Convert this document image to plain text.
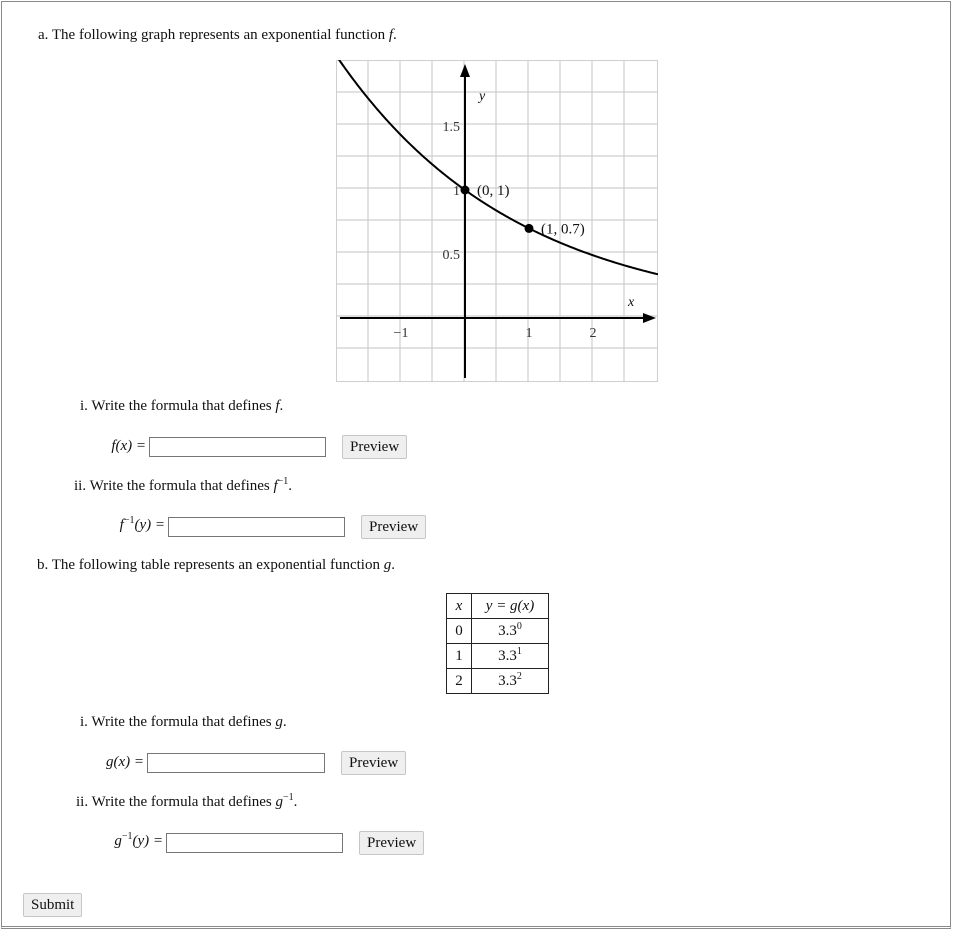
a. The following graph represents an exponential function f.
1.5
1
0.5
−1	1	2
y
x
(0, 1)
(1, 0.7)
i. Write the formula that defines f.
f(x) =	Preview
ii. Write the formula that defines $f^{-1}$.
$f^{-1}(y)$ =	Preview
b. The following table represents an exponential function g.
x	y = g(x)
0	$3.3^0$
1	$3.3^1$
2	$3.3^2$
i. Write the formula that defines g.
g(x) =	Preview
ii. Write the formula that defines $g^{-1}$.
$g^{-1}(y)$ =	Preview
Submit
